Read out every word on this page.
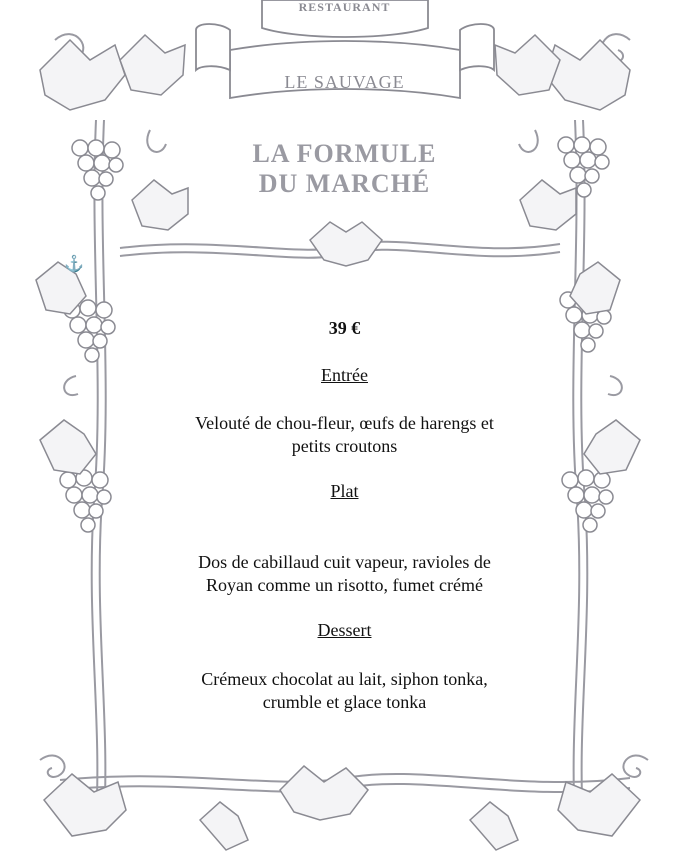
⚓
RESTAURANT
LE SAUVAGE
LA FORMULE
DU MARCHÉ
39 €
Entrée
Velouté de chou-fleur, œufs de harengs et
petits croutons
Plat
Dos de cabillaud cuit vapeur, ravioles de
Royan comme un risotto, fumet crémé
Dessert
Crémeux chocolat au lait, siphon tonka,
crumble et glace tonka
